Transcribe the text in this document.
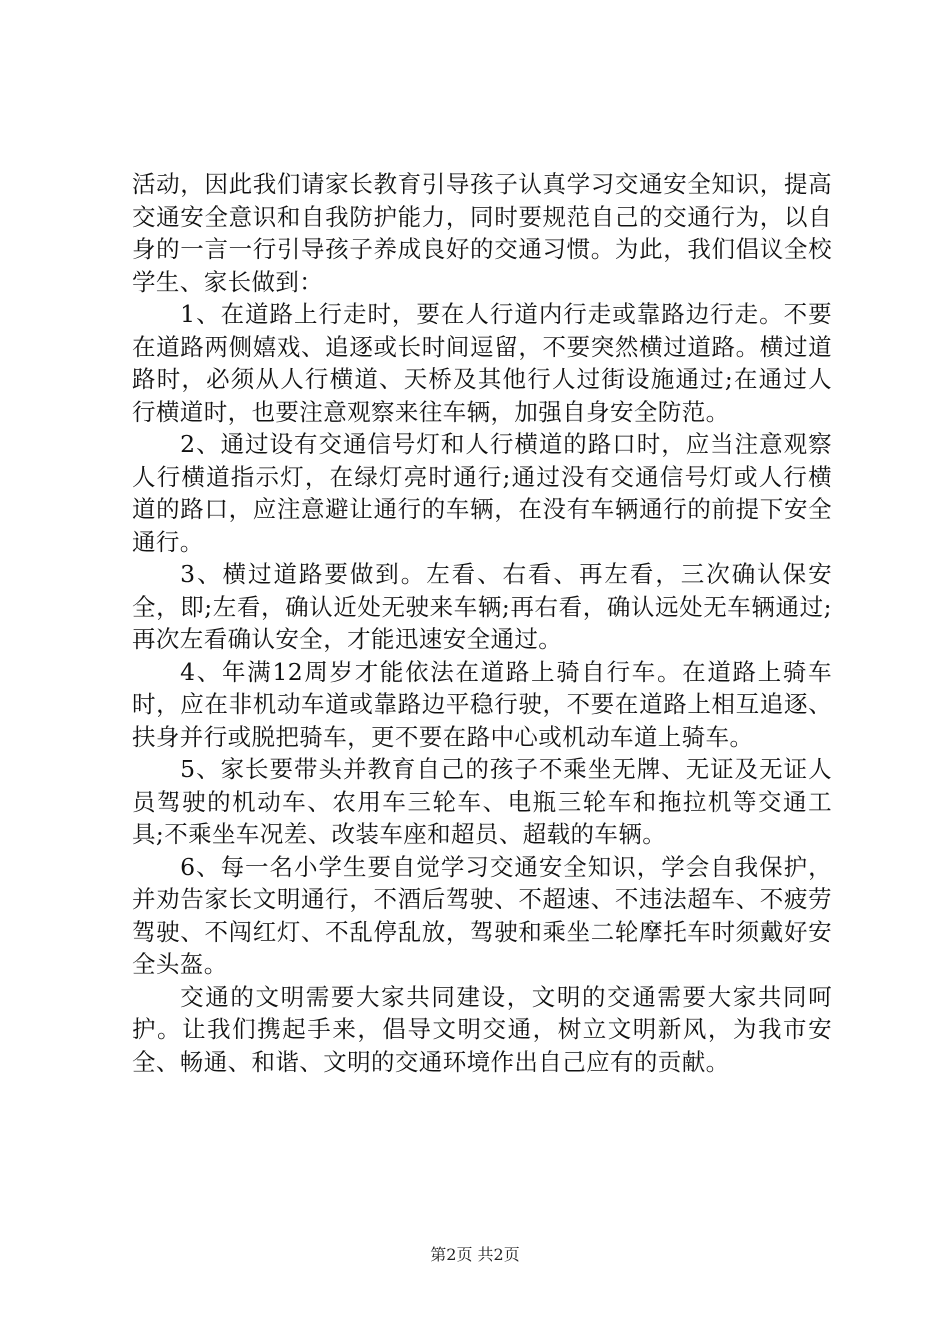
活动，因此我们请家长教育引导孩子认真学习交通安全知识，提高交通安全意识和自我防护能力，同时要规范自己的交通行为，以自身的一言一行引导孩子养成良好的交通习惯。为此，我们倡议全校学生、家长做到：

1、在道路上行走时，要在人行道内行走或靠路边行走。不要在道路两侧嬉戏、追逐或长时间逗留，不要突然横过道路。横过道路时，必须从人行横道、天桥及其他行人过街设施通过;在通过人行横道时，也要注意观察来往车辆，加强自身安全防范。

2、通过设有交通信号灯和人行横道的路口时，应当注意观察人行横道指示灯，在绿灯亮时通行;通过没有交通信号灯或人行横道的路口，应注意避让通行的车辆，在没有车辆通行的前提下安全通行。

3、横过道路要做到。左看、右看、再左看，三次确认保安全，即;左看，确认近处无驶来车辆;再右看，确认远处无车辆通过;再次左看确认安全，才能迅速安全通过。

4、年满12周岁才能依法在道路上骑自行车。在道路上骑车时，应在非机动车道或靠路边平稳行驶，不要在道路上相互追逐、扶身并行或脱把骑车，更不要在路中心或机动车道上骑车。

5、家长要带头并教育自己的孩子不乘坐无牌、无证及无证人员驾驶的机动车、农用车三轮车、电瓶三轮车和拖拉机等交通工具;不乘坐车况差、改装车座和超员、超载的车辆。

6、每一名小学生要自觉学习交通安全知识，学会自我保护，并劝告家长文明通行，不酒后驾驶、不超速、不违法超车、不疲劳驾驶、不闯红灯、不乱停乱放，驾驶和乘坐二轮摩托车时须戴好安全头盔。

交通的文明需要大家共同建设，文明的交通需要大家共同呵护。让我们携起手来，倡导文明交通，树立文明新风，为我市安全、畅通、和谐、文明的交通环境作出自己应有的贡献。

第2页 共2页
